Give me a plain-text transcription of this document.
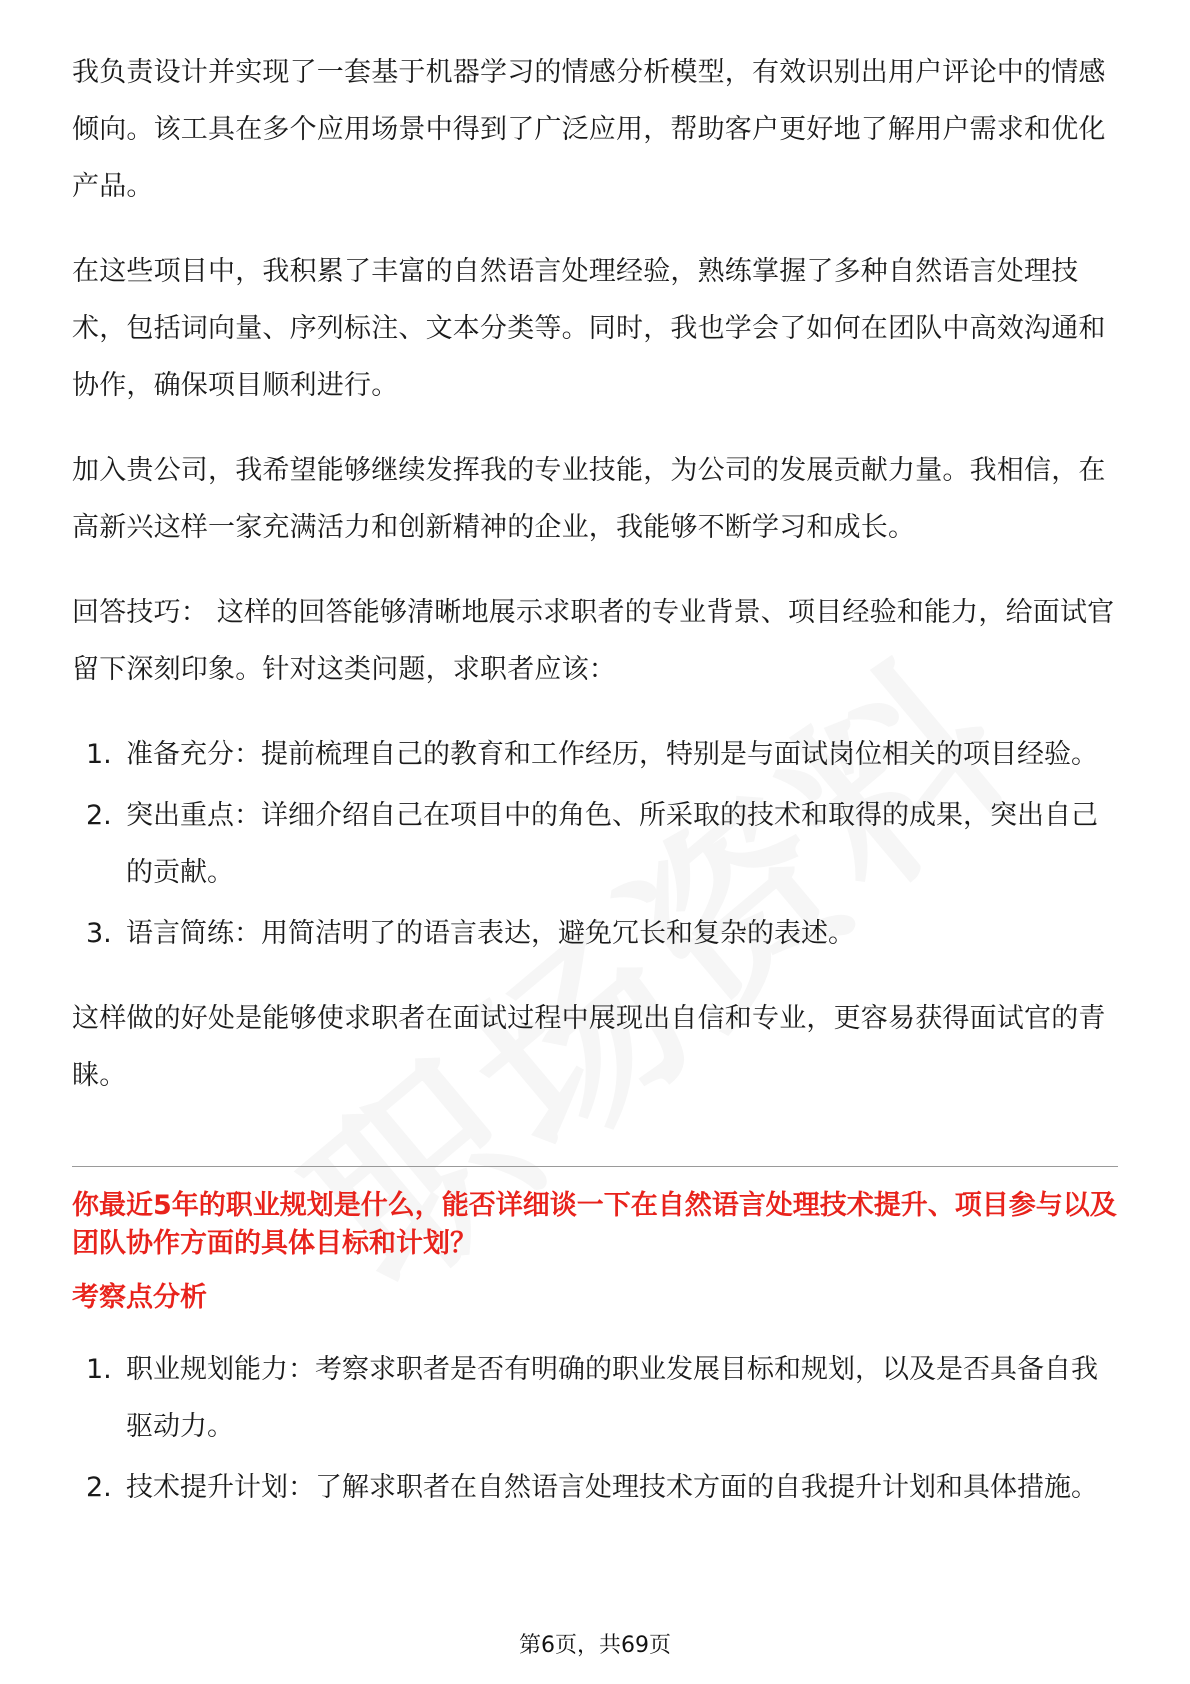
我负责设计并实现了一套基于机器学习的情感分析模型，有效识别出用户评论中的情感倾向。该工具在多个应用场景中得到了广泛应用，帮助客户更好地了解用户需求和优化产品。

在这些项目中，我积累了丰富的自然语言处理经验，熟练掌握了多种自然语言处理技术，包括词向量、序列标注、文本分类等。同时，我也学会了如何在团队中高效沟通和协作，确保项目顺利进行。

加入贵公司，我希望能够继续发挥我的专业技能，为公司的发展贡献力量。我相信，在高新兴这样一家充满活力和创新精神的企业，我能够不断学习和成长。

回答技巧： 这样的回答能够清晰地展示求职者的专业背景、项目经验和能力，给面试官留下深刻印象。针对这类问题，求职者应该：

1. 准备充分：提前梳理自己的教育和工作经历，特别是与面试岗位相关的项目经验。
2. 突出重点：详细介绍自己在项目中的角色、所采取的技术和取得的成果，突出自己的贡献。
3. 语言简练：用简洁明了的语言表达，避免冗长和复杂的表述。

这样做的好处是能够使求职者在面试过程中展现出自信和专业，更容易获得面试官的青睐。

你最近5年的职业规划是什么，能否详细谈一下在自然语言处理技术提升、项目参与以及团队协作方面的具体目标和计划？
考察点分析
1. 职业规划能力：考察求职者是否有明确的职业发展目标和规划，以及是否具备自我驱动力。
2. 技术提升计划：了解求职者在自然语言处理技术方面的自我提升计划和具体措施。
第6页，共69页
